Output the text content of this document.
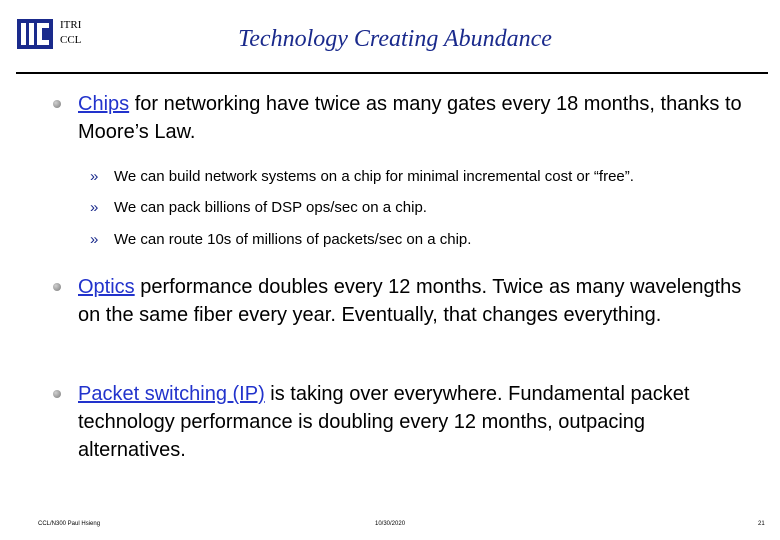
ITRI
CCL	Technology Creating Abundance
Chips for networking have twice as many gates every 18 months, thanks to Moore’s Law.
» We can build network systems on a chip for minimal incremental cost or “free”.
» We can pack billions of DSP ops/sec on a chip.
» We can route 10s of millions of packets/sec on a chip.
Optics performance doubles every 12 months. Twice as many wavelengths on the same fiber every year. Eventually, that changes everything.
Packet switching (IP) is taking over everywhere. Fundamental packet technology performance is doubling every 12 months, outpacing alternatives.
CCL/N300 Paul Hsieng	10/30/2020	21
